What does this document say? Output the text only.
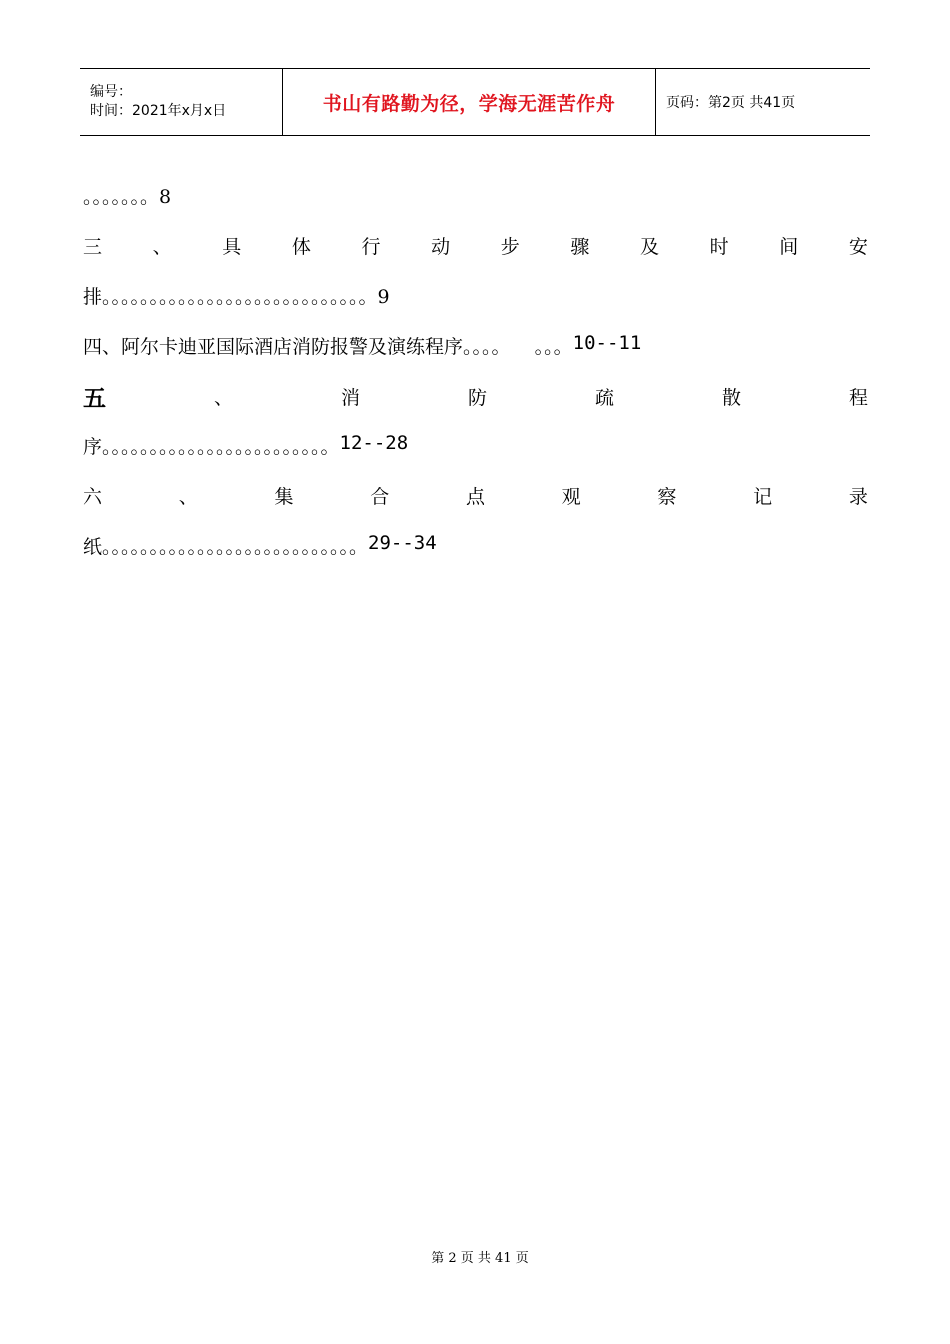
编号：
时间：2021年x月x日	书山有路勤为径，学海无涯苦作舟	页码：第2页 共41页
。。。。。。。8
三	、	具	体	行	动	步	骤	及	时	间	安
排。。。。。。。。。。。。。。。。。。。。。。。。。。。。9
四、阿尔卡迪亚国际酒店消防报警及演练程序。。。。    。。。 10--11
五	、	消	防	疏	散	程
序。。。。。。。。。。。。。。。。。。。。。。。。 12--28
六	、	集	合	点	观	察	记	录
纸。。。。。。。。。。。。。。。。。。。。。。。。。。。 29--34
第 2 页 共 41 页
